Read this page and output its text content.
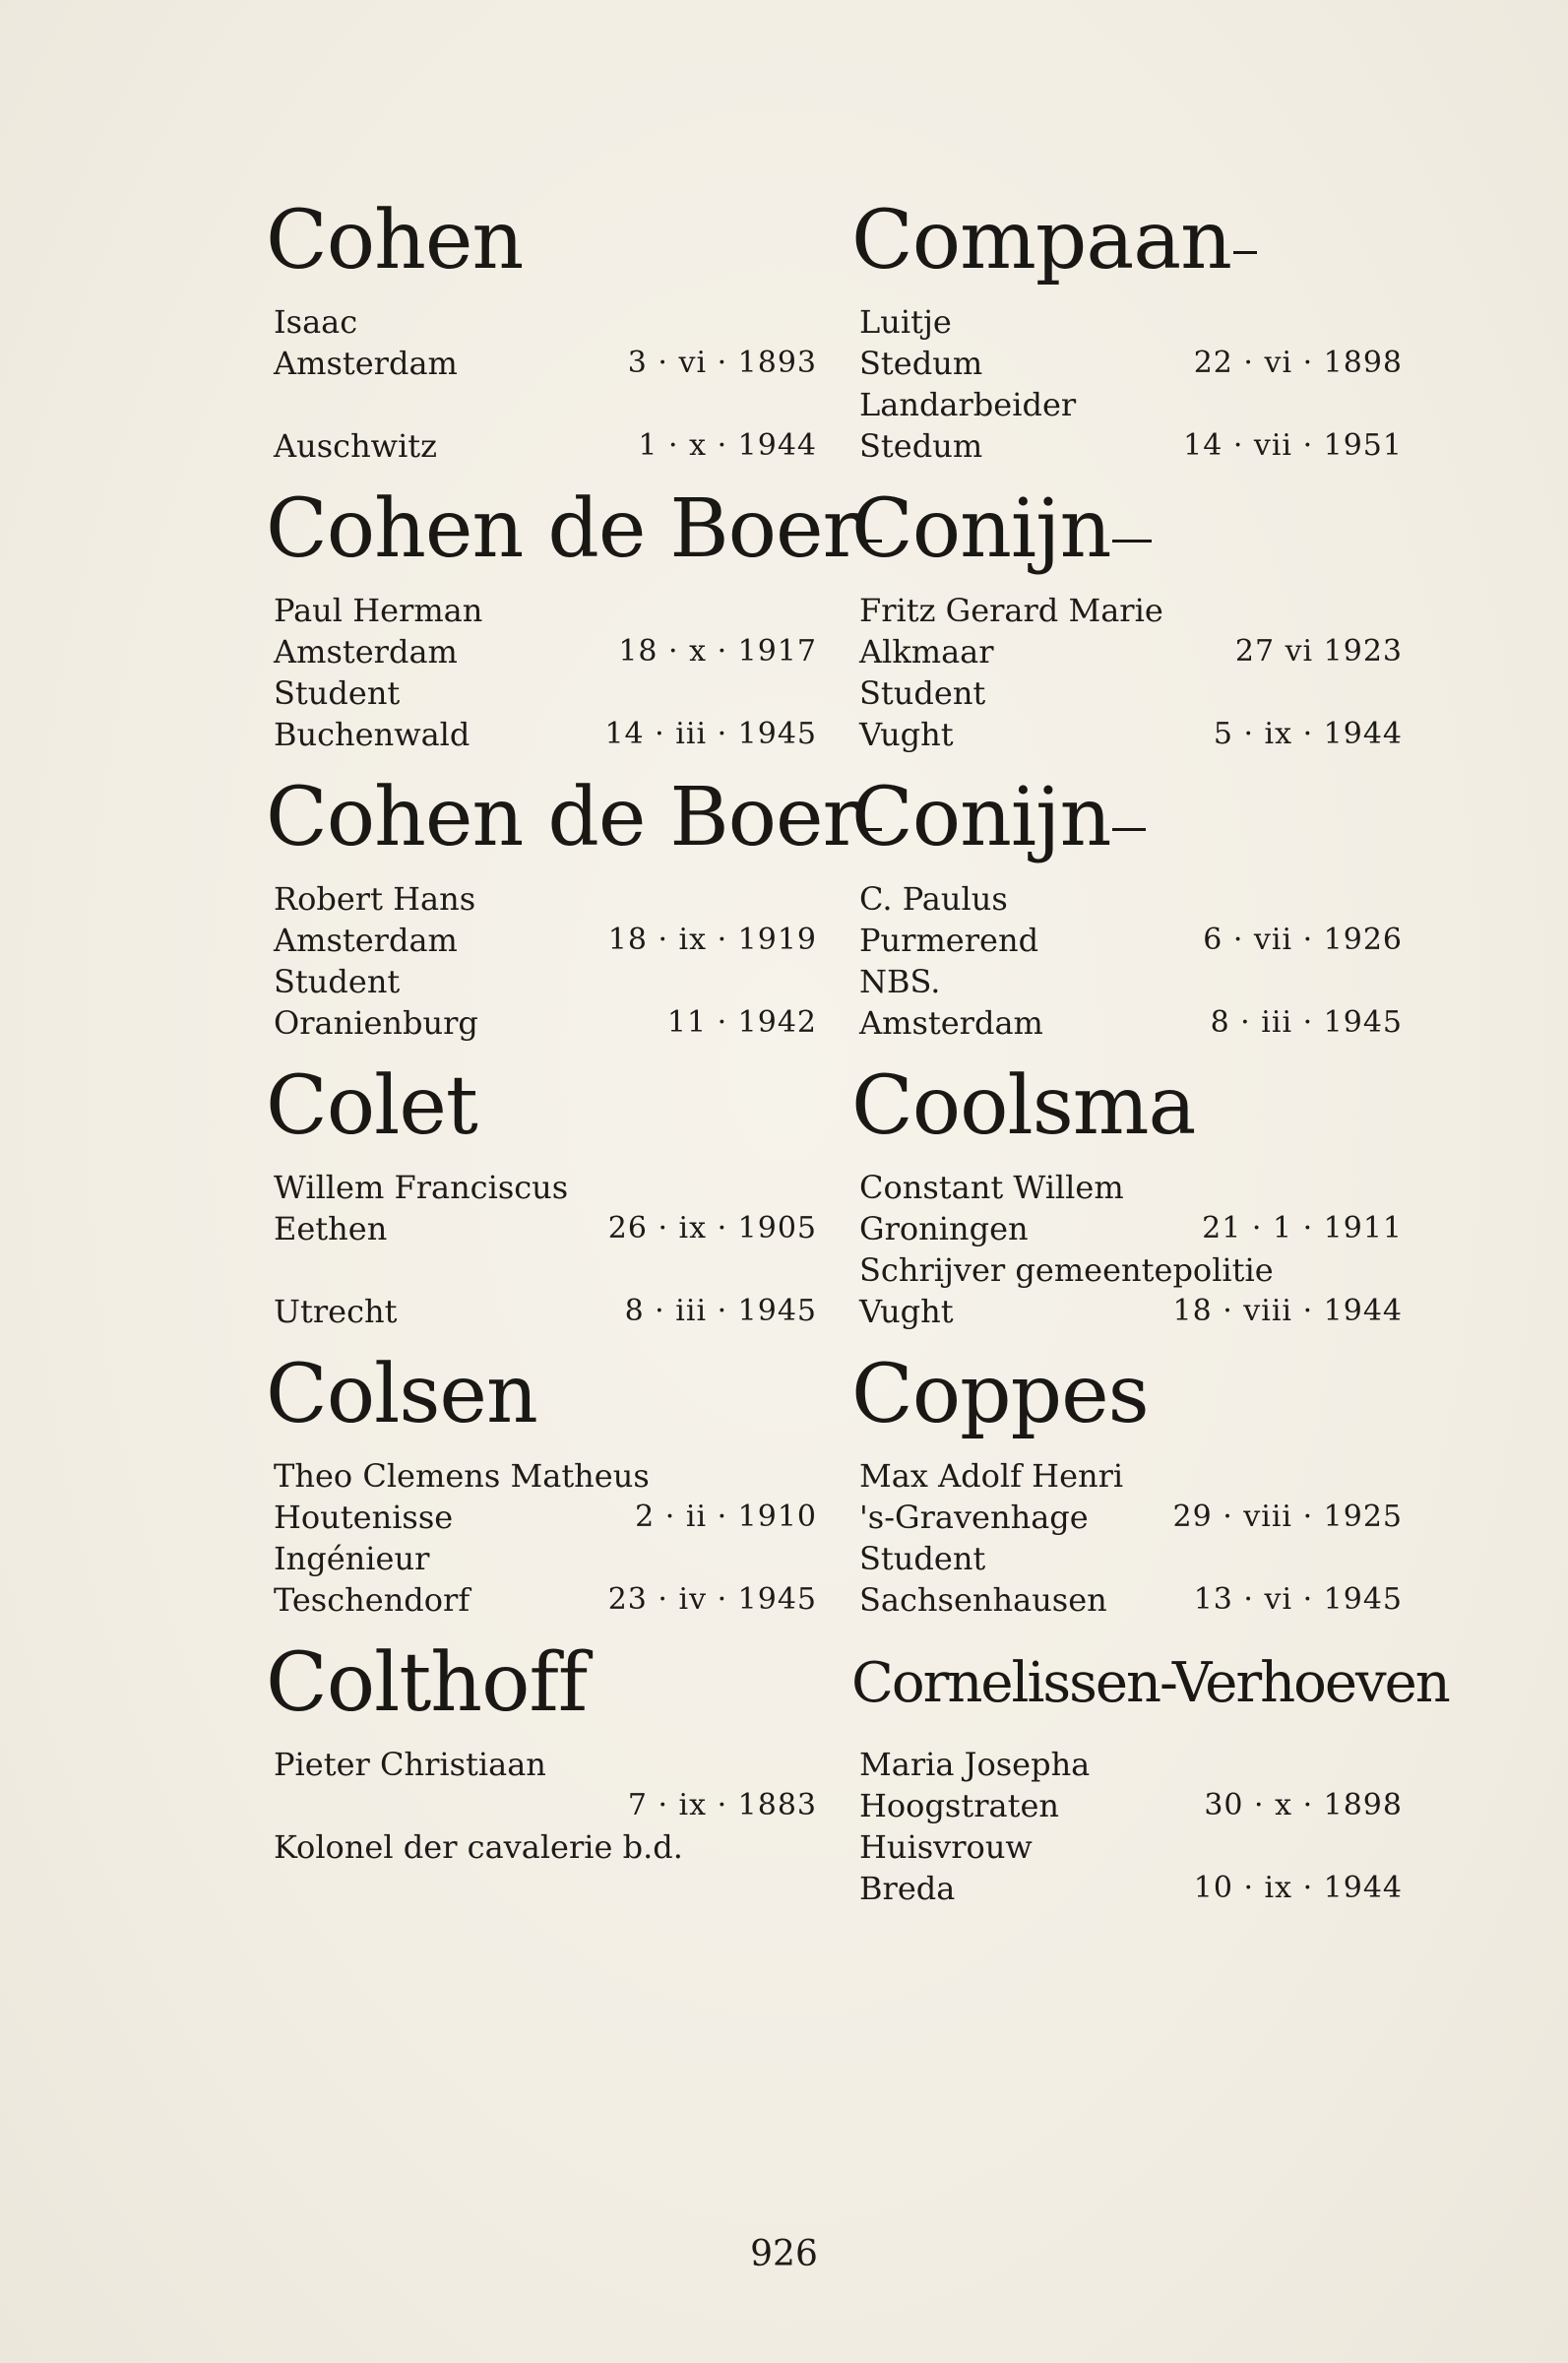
Cohen
Isaac
Amsterdam	3 · vi · 1893
Auschwitz	1 · x · 1944
Cohen de Boer
Paul Herman
Amsterdam	18 · x · 1917
Student
Buchenwald	14 · iii · 1945
Cohen de Boer
Robert Hans
Amsterdam	18 · ix · 1919
Student
Oranienburg	11 · 1942
Colet
Willem Franciscus
Eethen	26 · ix · 1905
Utrecht	8 · iii · 1945
Colsen
Theo Clemens Matheus
Houtenisse	2 · ii · 1910
Ingénieur
Teschendorf	23 · iv · 1945
Colthoff
Pieter Christiaan
7 · ix · 1883
Kolonel der cavalerie b.d.
Compaan
Luitje
Stedum	22 · vi · 1898
Landarbeider
Stedum	14 · vii · 1951
Conijn
Fritz Gerard Marie
Alkmaar	27 vi 1923
Student
Vught	5 · ix · 1944
Conijn
C. Paulus
Purmerend	6 · vii · 1926
NBS.
Amsterdam	8 · iii · 1945
Coolsma
Constant Willem
Groningen	21 · 1 · 1911
Schrijver gemeentepolitie
Vught	18 · viii · 1944
Coppes
Max Adolf Henri
's-Gravenhage	29 · viii · 1925
Student
Sachsenhausen	13 · vi · 1945
Cornelissen-Verhoeven
Maria Josepha
Hoogstraten	30 · x · 1898
Huisvrouw
Breda	10 · ix · 1944
926
